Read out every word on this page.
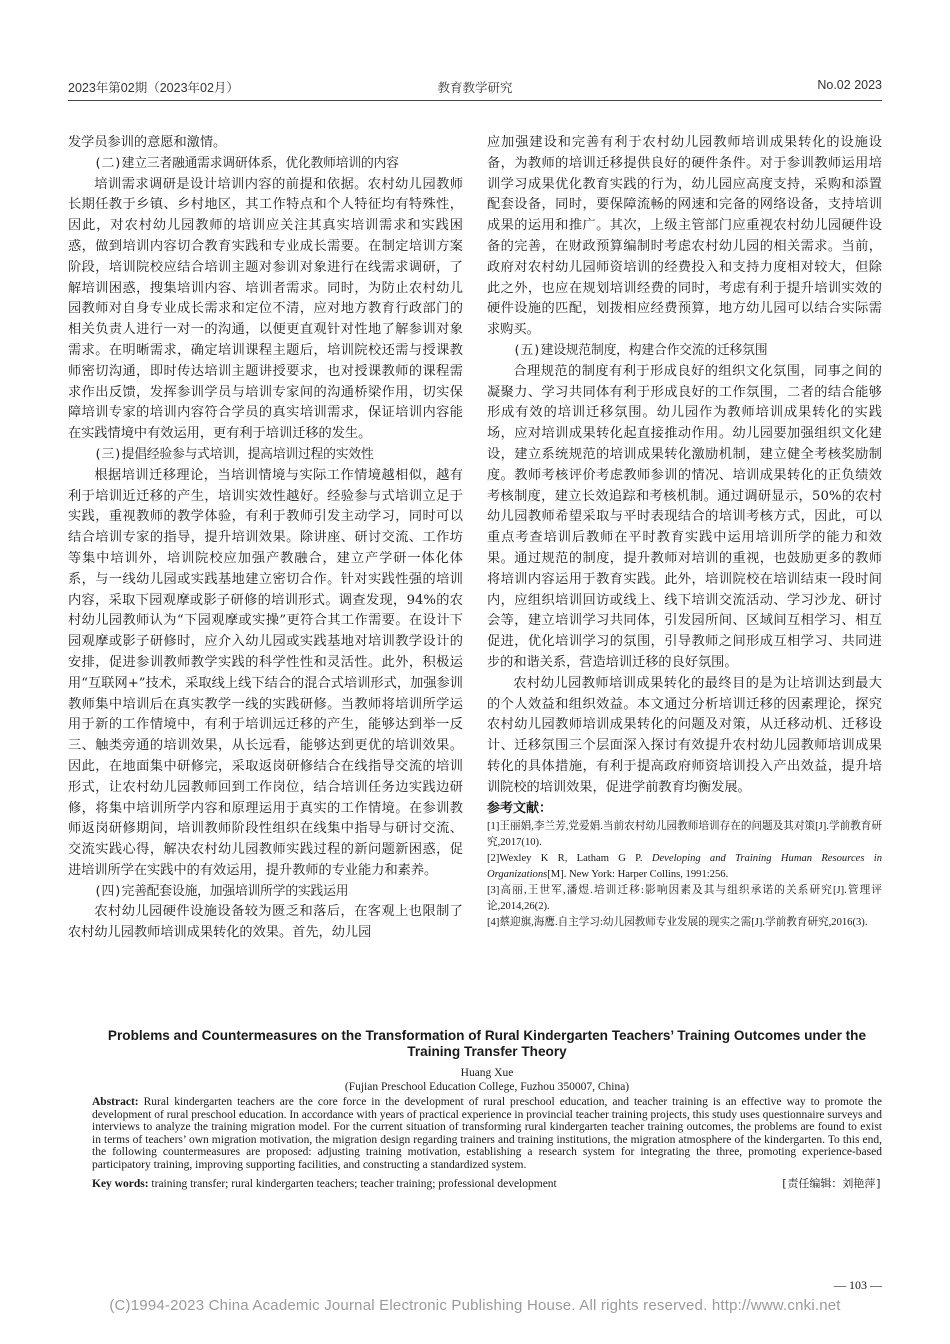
2023年第02期（2023年02月）	教育教学研究	No.02 2023

发学员参训的意愿和激情。

(二)建立三者融通需求调研体系，优化教师培训的内容

培训需求调研是设计培训内容的前提和依据。农村幼儿园教师长期任教于乡镇、乡村地区，其工作特点和个人特征均有特殊性，因此，对农村幼儿园教师的培训应关注其真实培训需求和实践困惑，做到培训内容切合教育实践和专业成长需要。在制定培训方案阶段，培训院校应结合培训主题对参训对象进行在线需求调研，了解培训困惑，搜集培训内容、培训者需求。同时，为防止农村幼儿园教师对自身专业成长需求和定位不清，应对地方教育行政部门的相关负责人进行一对一的沟通，以便更直观针对性地了解参训对象需求。在明晰需求，确定培训课程主题后，培训院校还需与授课教师密切沟通，即时传达培训主题讲授要求，也对授课教师的课程需求作出反馈，发挥参训学员与培训专家间的沟通桥梁作用，切实保障培训专家的培训内容符合学员的真实培训需求，保证培训内容能在实践情境中有效运用，更有利于培训迁移的发生。

(三)提倡经验参与式培训，提高培训过程的实效性

根据培训迁移理论，当培训情境与实际工作情境越相似，越有利于培训近迁移的产生，培训实效性越好。经验参与式培训立足于实践，重视教师的教学体验，有利于教师引发主动学习，同时可以结合培训专家的指导，提升培训效果。除讲座、研讨交流、工作坊等集中培训外，培训院校应加强产教融合，建立产学研一体化体系，与一线幼儿园或实践基地建立密切合作。针对实践性强的培训内容，采取下园观摩或影子研修的培训形式。调查发现，94%的农村幼儿园教师认为“下园观摩或实操”更符合其工作需要。在设计下园观摩或影子研修时，应介入幼儿园或实践基地对培训教学设计的安排，促进参训教师教学实践的科学性性和灵活性。此外，积极运用“互联网+”技术，采取线上线下结合的混合式培训形式，加强参训教师集中培训后在真实教学一线的实践研修。当教师将培训所学运用于新的工作情境中，有利于培训远迁移的产生，能够达到举一反三、触类旁通的培训效果，从长远看，能够达到更优的培训效果。因此，在地面集中研修完，采取返岗研修结合在线指导交流的培训形式，让农村幼儿园教师回到工作岗位，结合培训任务边实践边研修，将集中培训所学内容和原理运用于真实的工作情境。在参训教师返岗研修期间，培训教师阶段性组织在线集中指导与研讨交流、交流实践心得，解决农村幼儿园教师实践过程的新问题新困惑，促进培训所学在实践中的有效运用，提升教师的专业能力和素养。

(四)完善配套设施，加强培训所学的实践运用

农村幼儿园硬件设施设备较为匮乏和落后，在客观上也限制了农村幼儿园教师培训成果转化的效果。首先，幼儿园

应加强建设和完善有利于农村幼儿园教师培训成果转化的设施设备，为教师的培训迁移提供良好的硬件条件。对于参训教师运用培训学习成果优化教育实践的行为，幼儿园应高度支持，采购和添置配套设备，同时，要保障流畅的网速和完备的网络设备，支持培训成果的运用和推广。其次，上级主管部门应重视农村幼儿园硬件设备的完善，在财政预算编制时考虑农村幼儿园的相关需求。当前，政府对农村幼儿园师资培训的经费投入和支持力度相对较大，但除此之外，也应在规划培训经费的同时，考虑有利于提升培训实效的硬件设施的匹配，划拨相应经费预算，地方幼儿园可以结合实际需求购买。

(五)建设规范制度，构建合作交流的迁移氛围

合理规范的制度有利于形成良好的组织文化氛围，同事之间的凝聚力、学习共同体有利于形成良好的工作氛围，二者的结合能够形成有效的培训迁移氛围。幼儿园作为教师培训成果转化的实践场，应对培训成果转化起直接推动作用。幼儿园要加强组织文化建设，建立系统规范的培训成果转化激励机制，建立健全考核奖励制度。教师考核评价考虑教师参训的情况、培训成果转化的正负绩效考核制度，建立长效追踪和考核机制。通过调研显示，50%的农村幼儿园教师希望采取与平时表现结合的培训考核方式，因此，可以重点考查培训后教师在平时教育实践中运用培训所学的能力和效果。通过规范的制度，提升教师对培训的重视，也鼓励更多的教师将培训内容运用于教育实践。此外，培训院校在培训结束一段时间内，应组织培训回访或线上、线下培训交流活动、学习沙龙、研讨会等，建立培训学习共同体，引发园所间、区域间互相学习、相互促进，优化培训学习的氛围，引导教师之间形成互相学习、共同进步的和谐关系，营造培训迁移的良好氛围。

农村幼儿园教师培训成果转化的最终目的是为让培训达到最大的个人效益和组织效益。本文通过分析培训迁移的因素理论，探究农村幼儿园教师培训成果转化的问题及对策，从迁移动机、迁移设计、迁移氛围三个层面深入探讨有效提升农村幼儿园教师培训成果转化的具体措施，有利于提高政府师资培训投入产出效益，提升培训院校的培训效果，促进学前教育均衡发展。

参考文献：

[1]王丽娟,李兰芳,党爱娟.当前农村幼儿园教师培训存在的问题及其对策[J].学前教育研究,2017(10).

[2]Wexley K R, Latham G P. Developing and Training Human Resources in Organizations[M]. New York: Harper Collins, 1991:256.

[3]高丽,王世军,潘煜.培训迁移:影响因素及其与组织承诺的关系研究[J].管理评论,2014,26(2).

[4]蔡迎旗,海鹰.自主学习:幼儿园教师专业发展的现实之需[J].学前教育研究,2016(3).

Problems and Countermeasures on the Transformation of Rural Kindergarten Teachers’ Training Outcomes under the Training Transfer Theory
Huang Xue
(Fujian Preschool Education College, Fuzhou 350007, China)

Abstract: Rural kindergarten teachers are the core force in the development of rural preschool education, and teacher training is an effective way to promote the development of rural preschool education. In accordance with years of practical experience in provincial teacher training projects, this study uses questionnaire surveys and interviews to analyze the training migration model. For the current situation of transforming rural kindergarten teacher training outcomes, the problems are found to exist in terms of teachers’ own migration motivation, the migration design regarding trainers and training institutions, the migration atmosphere of the kindergarten. To this end, the following countermeasures are proposed: adjusting training motivation, establishing a research system for integrating the three, promoting experience-based participatory training, improving supporting facilities, and constructing a standardized system.

Key words: training transfer; rural kindergarten teachers; teacher training; professional development	[责任编辑：刘艳萍]
— 103 —
(C)1994-2023 China Academic Journal Electronic Publishing House. All rights reserved. http://www.cnki.net
